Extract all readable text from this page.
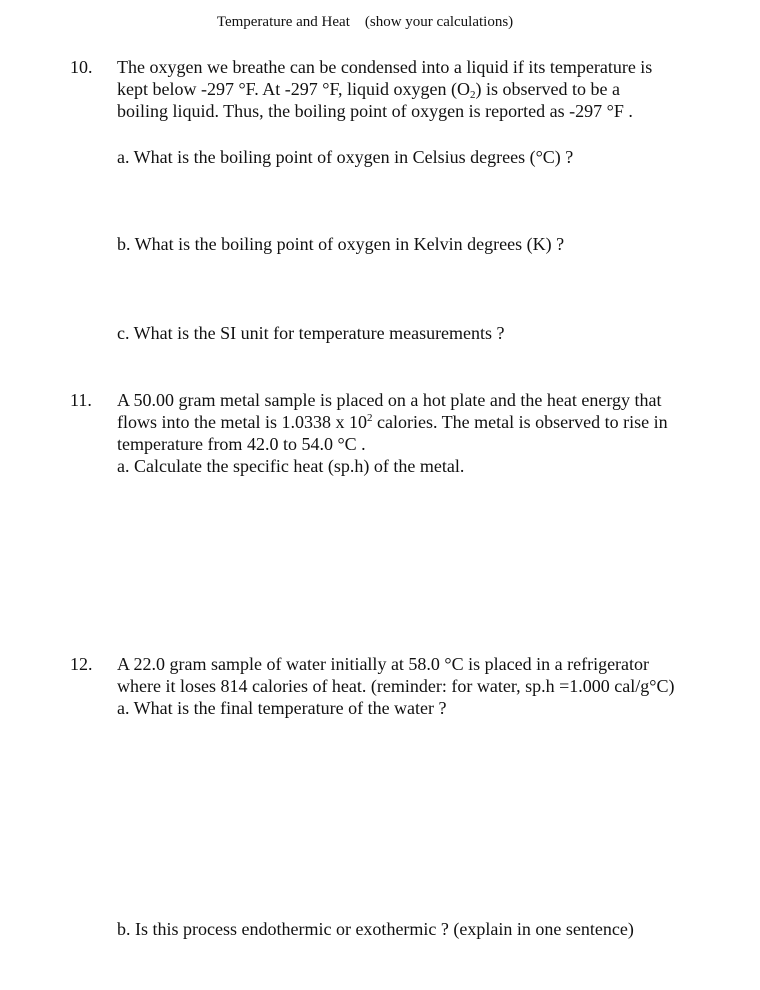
Temperature and Heat (show your calculations)
10. The oxygen we breathe can be condensed into a liquid if its temperature is

kept below -297 °F. At -297 °F, liquid oxygen $(O_2)$ is observed to be a

boiling liquid. Thus, the boiling point of oxygen is reported as -297 °F .

a. What is the boiling point of oxygen in Celsius degrees (°C) ?
b. What is the boiling point of oxygen in Kelvin degrees (K) ?
c. What is the SI unit for temperature measurements ?
11. A 50.00 gram metal sample is placed on a hot plate and the heat energy that

flows into the metal is 1.0338 x $10^2$ calories. The metal is observed to rise in

temperature from 42.0 to 54.0 °C .

a. Calculate the specific heat (sp.h) of the metal.

12. A 22.0 gram sample of water initially at 58.0 °C is placed in a refrigerator

where it loses 814 calories of heat. (reminder: for water, sp.h =1.000 cal/g°C)

a. What is the final temperature of the water ?

b. Is this process endothermic or exothermic ? (explain in one sentence)
